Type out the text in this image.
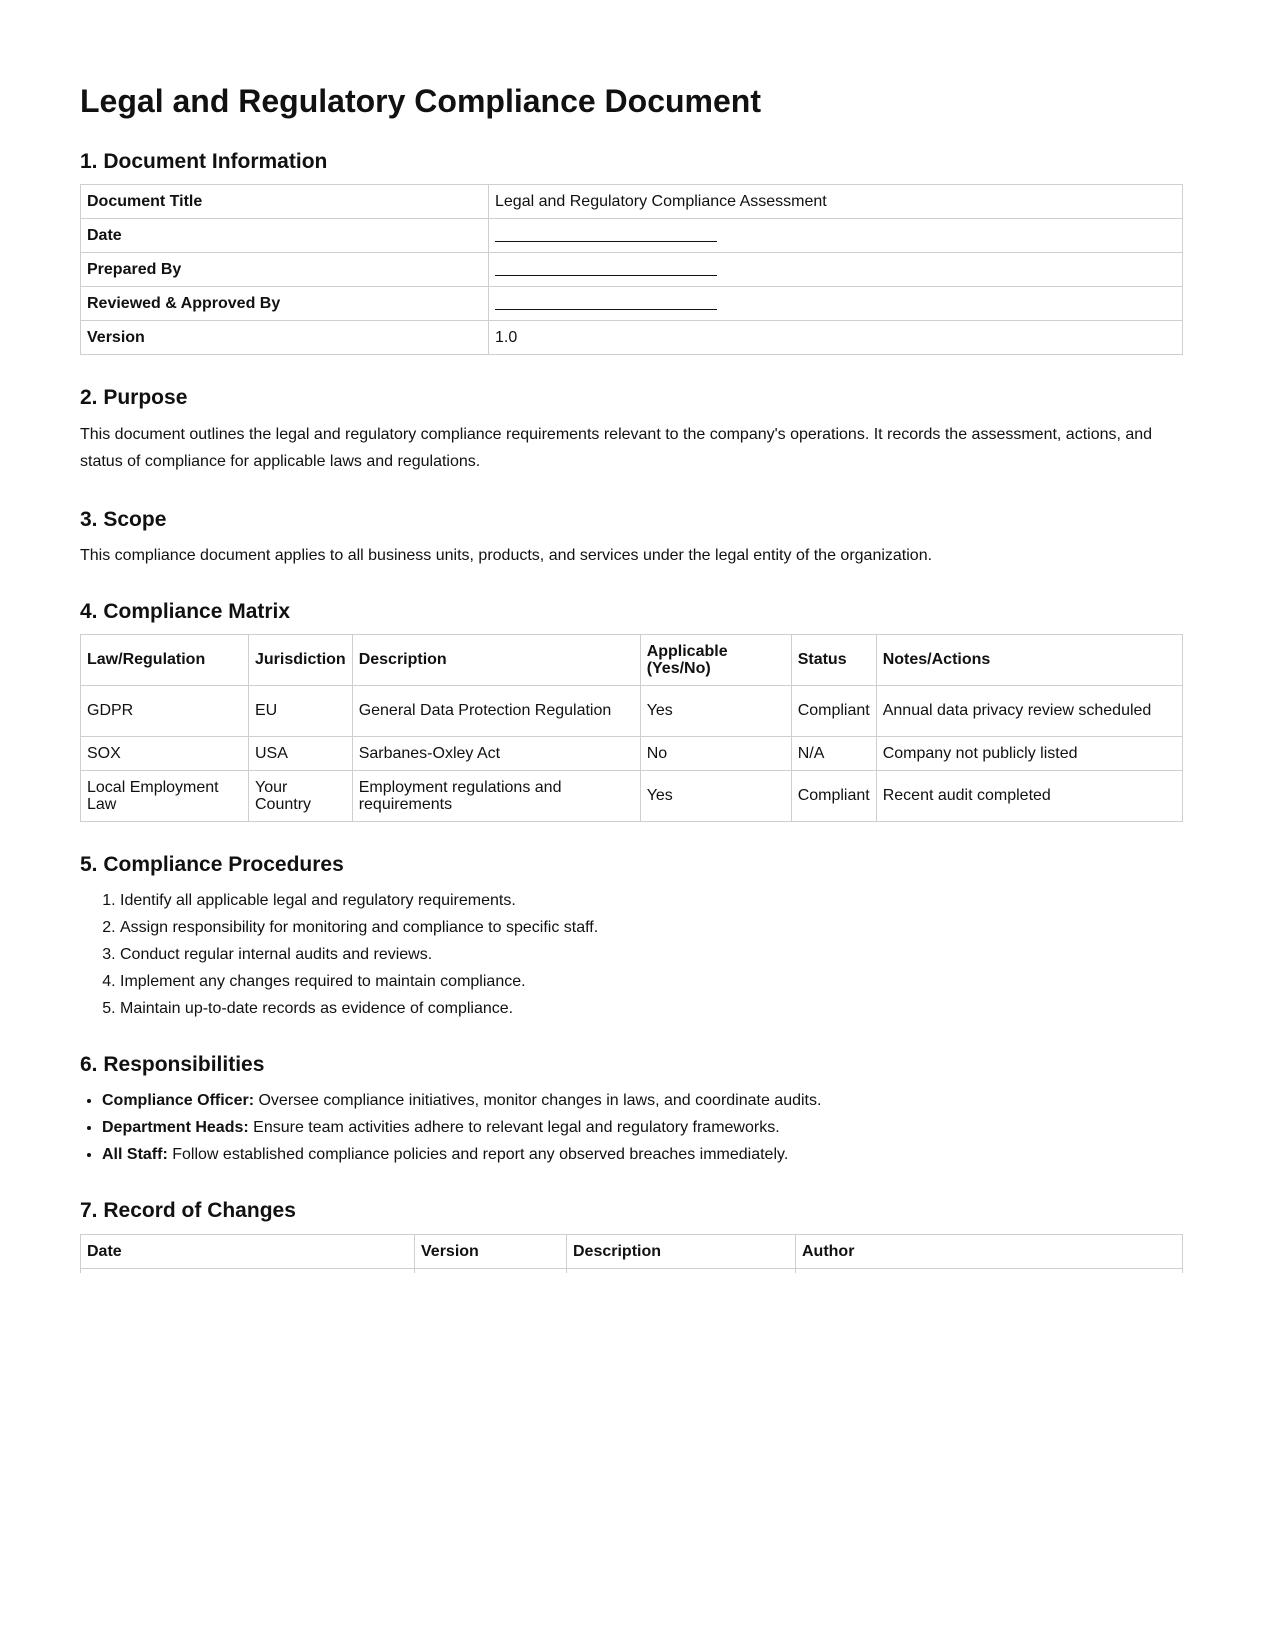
Legal and Regulatory Compliance Document
1. Document Information
Document Title	Legal and Regulatory Compliance Assessment
Date	
Prepared By	
Reviewed & Approved By	
Version	1.0
2. Purpose

This document outlines the legal and regulatory compliance requirements relevant to the company's operations. It records the assessment, actions, and status of compliance for applicable laws and regulations.

3. Scope

This compliance document applies to all business units, products, and services under the legal entity of the organization.

4. Compliance Matrix
Law/Regulation	Jurisdiction	Description	Applicable (Yes/No)	Status	Notes/Actions
GDPR	EU	General Data Protection Regulation	Yes	Compliant	Annual data privacy review scheduled
SOX	USA	Sarbanes-Oxley Act	No	N/A	Company not publicly listed
Local Employment Law	Your Country	Employment regulations and requirements	Yes	Compliant	Recent audit completed
5. Compliance Procedures
1. Identify all applicable legal and regulatory requirements.
2. Assign responsibility for monitoring and compliance to specific staff.
3. Conduct regular internal audits and reviews.
4. Implement any changes required to maintain compliance.
5. Maintain up-to-date records as evidence of compliance.
6. Responsibilities
• Compliance Officer: Oversee compliance initiatives, monitor changes in laws, and coordinate audits.
• Department Heads: Ensure team activities adhere to relevant legal and regulatory frameworks.
• All Staff: Follow established compliance policies and report any observed breaches immediately.
7. Record of Changes
Date	Version	Description	Author
